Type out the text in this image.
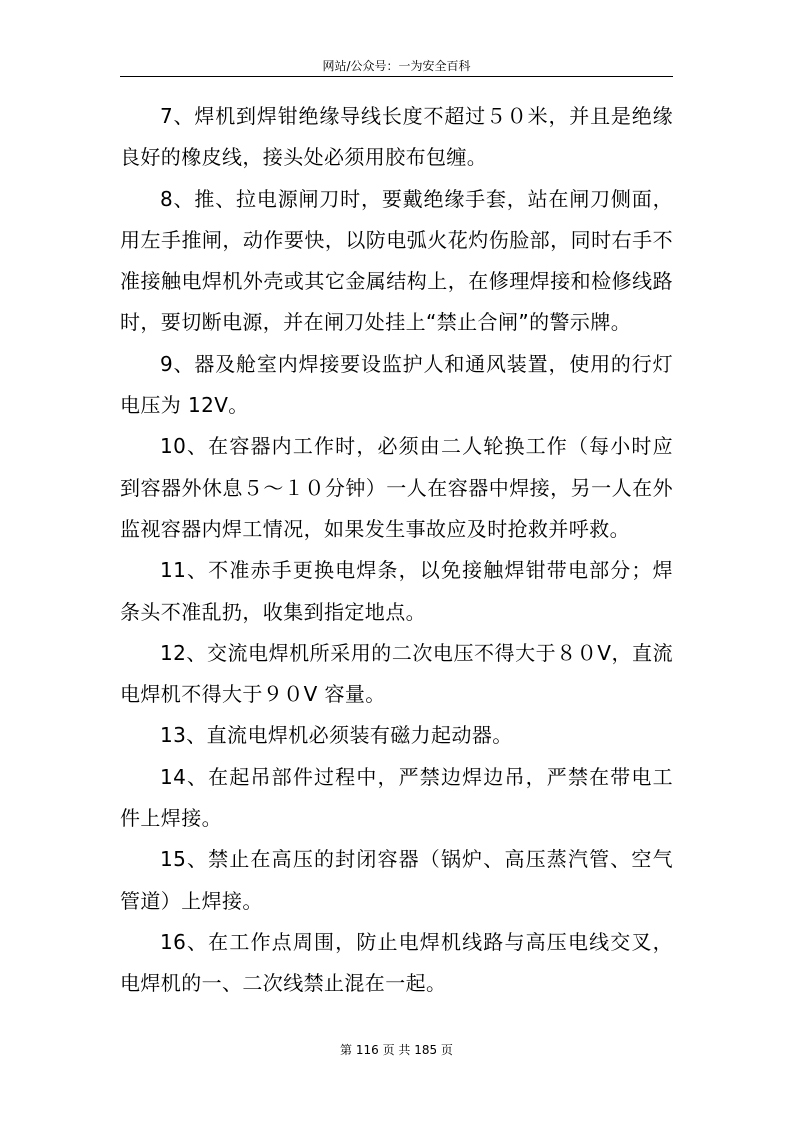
网站/公众号：一为安全百科

7、焊机到焊钳绝缘导线长度不超过５０米，并且是绝缘良好的橡皮线，接头处必须用胶布包缠。

8、推、拉电源闸刀时，要戴绝缘手套，站在闸刀侧面，用左手推闸，动作要快，以防电弧火花灼伤脸部，同时右手不准接触电焊机外壳或其它金属结构上，在修理焊接和检修线路时，要切断电源，并在闸刀处挂上“禁止合闸”的警示牌。

9、器及舱室内焊接要设监护人和通风装置，使用的行灯电压为 12V。

10、在容器内工作时，必须由二人轮换工作（每小时应到容器外休息５～１０分钟）一人在容器中焊接，另一人在外监视容器内焊工情况，如果发生事故应及时抢救并呼救。

11、不准赤手更换电焊条，以免接触焊钳带电部分；焊条头不准乱扔，收集到指定地点。

12、交流电焊机所采用的二次电压不得大于８０V，直流电焊机不得大于９０V 容量。

13、直流电焊机必须装有磁力起动器。

14、在起吊部件过程中，严禁边焊边吊，严禁在带电工件上焊接。

15、禁止在高压的封闭容器（锅炉、高压蒸汽管、空气管道）上焊接。

16、在工作点周围，防止电焊机线路与高压电线交叉，电焊机的一、二次线禁止混在一起。

第 116 页 共 185 页
